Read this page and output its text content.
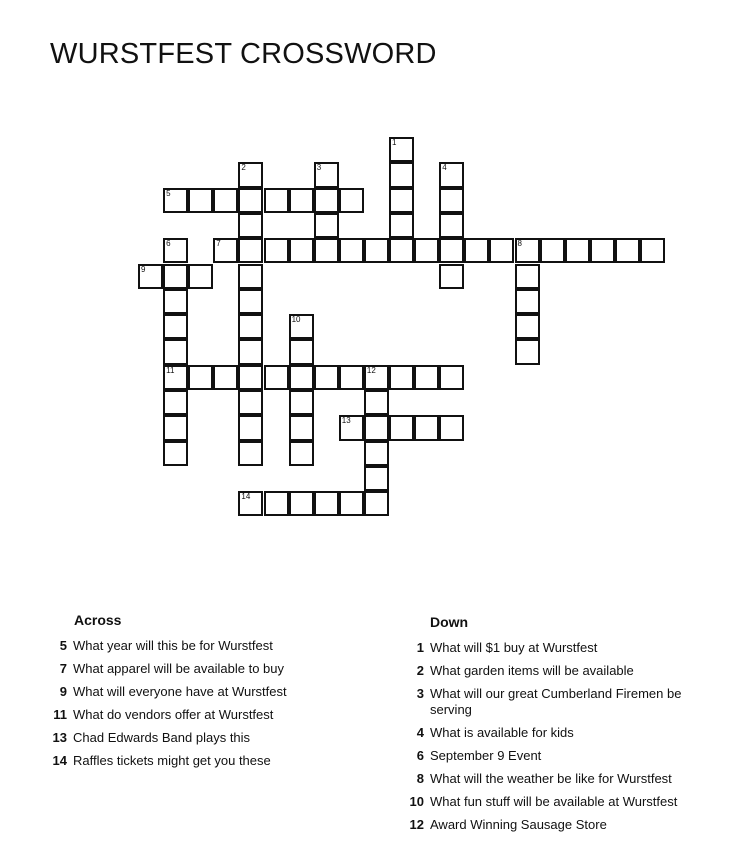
WURSTFEST CROSSWORD
1
2	3	4
5
6
11
7	8
9
10
12
13
14
Across
5 What year will this be for Wurstfest
7 What apparel will be available to buy
9 What will everyone have at Wurstfest
11 What do vendors offer at Wurstfest
13 Chad Edwards Band plays this
14 Raffles tickets might get you these
Down
1 What will $1 buy at Wurstfest
2 What garden items will be available
3 What will our great Cumberland Firemen be serving
4 What is available for kids
6 September 9 Event
8 What will the weather be like for Wurstfest
10 What fun stuff will be available at Wurstfest
12 Award Winning Sausage Store
